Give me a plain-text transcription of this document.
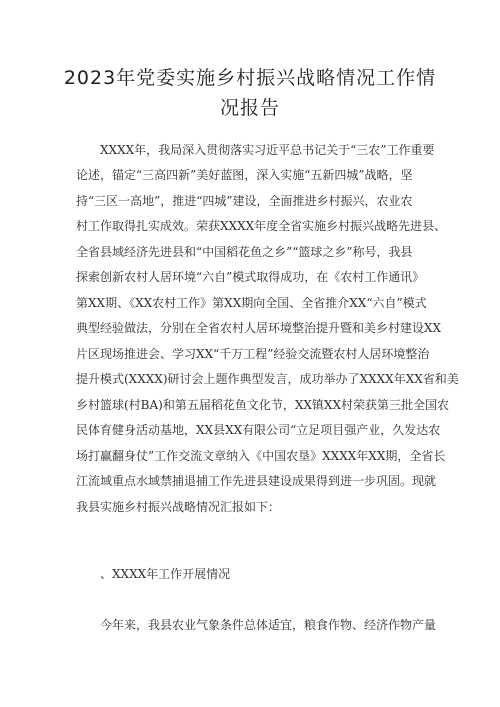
2023年党委实施乡村振兴战略情况工作情
况报告
XXXX年，我局深入贯彻落实习近平总书记关于“三农”工作重要
论述，锚定“三高四新”美好蓝图，深入实施“五新四城”战略，坚
持“三区一高地”，推进“四城”建设，全面推进乡村振兴，农业农
村工作取得扎实成效。荣获XXXX年度全省实施乡村振兴战略先进县、
全省县域经济先进县和“中国稻花鱼之乡”“篮球之乡”称号，我县
探索创新农村人居环境“六自”模式取得成功，在《农村工作通讯》
第XX期、《XX农村工作》第XX期向全国、全省推介XX“六自”模式
典型经验做法，分别在全省农村人居环境整治提升暨和美乡村建设XX
片区现场推进会、学习XX“千万工程”经验交流暨农村人居环境整治
提升模式(XXXX)研讨会上题作典型发言，成功举办了XXXX年XX省和美
乡村篮球(村BA)和第五届稻花鱼文化节，XX镇XX村荣获第三批全国农
民体育健身活动基地，XX县XX有限公司“立足项目强产业，久发达农
场打赢翻身仗”工作交流文章纳入《中国农垦》XXXX年XX期，全省长
江流域重点水域禁捕退捕工作先进县建设成果得到进一步巩固。现就
我县实施乡村振兴战略情况汇报如下：
、XXXX年工作开展情况
今年来，我县农业气象条件总体适宜，粮食作物、经济作物产量
